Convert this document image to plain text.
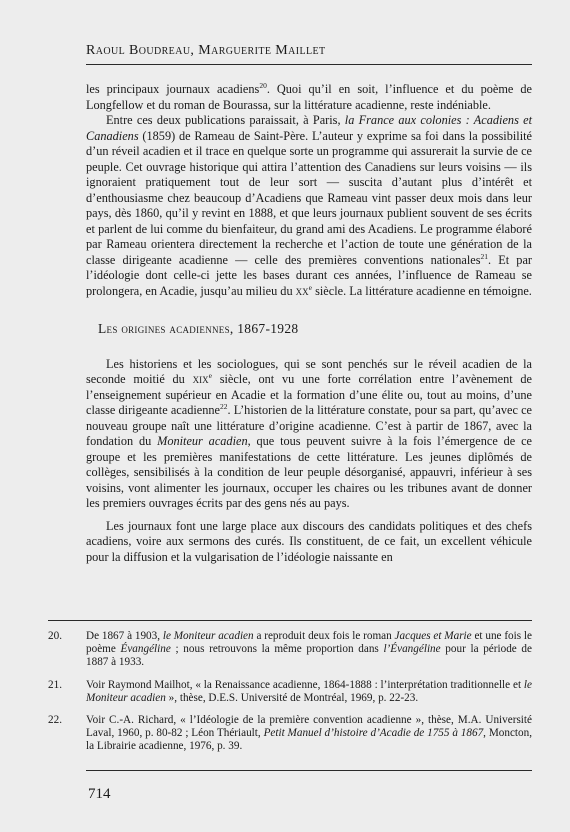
Raoul Boudreau, Marguerite Maillet

les principaux journaux acadiens$^{20}$. Quoi qu’il en soit, l’influence et du poème de Longfellow et du roman de Bourassa, sur la littérature acadienne, reste indéniable.

Entre ces deux publications paraissait, à Paris, la France aux colonies : Acadiens et Canadiens (1859) de Rameau de Saint-Père. L’auteur y exprime sa foi dans la possibilité d’un réveil acadien et il trace en quelque sorte un programme qui assurerait la survie de ce peuple. Cet ouvrage historique qui attira l’attention des Canadiens sur leurs voisins — ils ignoraient pratiquement tout de leur sort — suscita d’autant plus d’intérêt et d’enthousiasme chez beaucoup d’Acadiens que Rameau vint passer deux mois dans leur pays, dès 1860, qu’il y revint en 1888, et que leurs journaux publient souvent de ses écrits et parlent de lui comme du bienfaiteur, du grand ami des Acadiens. Le programme élaboré par Rameau orientera directement la recherche et l’action de toute une génération de la classe dirigeante acadienne — celle des premières conventions nationales$^{21}$. Et par l’idéologie dont celle-ci jette les bases durant ces années, l’influence de Rameau se prolongera, en Acadie, jusqu’au milieu du $xx^e$ siècle. La littérature acadienne en témoigne.

Les origines acadiennes, 1867-1928

Les historiens et les sociologues, qui se sont penchés sur le réveil acadien de la seconde moitié du xix$^e$ siècle, ont vu une forte corrélation entre l’avènement de l’enseignement supérieur en Acadie et la formation d’une élite ou, tout au moins, d’une classe dirigeante acadienne$^{22}$. L’historien de la littérature constate, pour sa part, qu’avec ce nouveau groupe naît une littérature d’origine acadienne. C’est à partir de 1867, avec la fondation du Moniteur acadien, que tous peuvent suivre à la fois l’émergence de ce groupe et les premières manifestations de cette littérature. Les jeunes diplômés de collèges, sensibilisés à la condition de leur peuple désorganisé, appauvri, inférieur à ses voisins, vont alimenter les journaux, occuper les chaires ou les tribunes avant de donner les premiers ouvrages écrits par des gens nés au pays.

Les journaux font une large place aux discours des candidats politiques et des chefs acadiens, voire aux sermons des curés. Ils constituent, de ce fait, un excellent véhicule pour la diffusion et la vulgarisation de l’idéologie naissante en

20. De 1867 à 1903, le Moniteur acadien a reproduit deux fois le roman Jacques et Marie et une fois le poème Évangéline ; nous retrouvons la même proportion dans l’Évangéline pour la période de 1887 à 1933.
21. Voir Raymond Mailhot, « la Renaissance acadienne, 1864-1888 : l’interprétation traditionnelle et le Moniteur acadien », thèse, D.E.S. Université de Montréal, 1969, p. 22-23.
22. Voir C.-A. Richard, « l’Idéologie de la première convention acadienne », thèse, M.A. Université Laval, 1960, p. 80-82 ; Léon Thériault, Petit Manuel d’histoire d’Acadie de 1755 à 1867, Moncton, la Librairie acadienne, 1976, p. 39.
714
